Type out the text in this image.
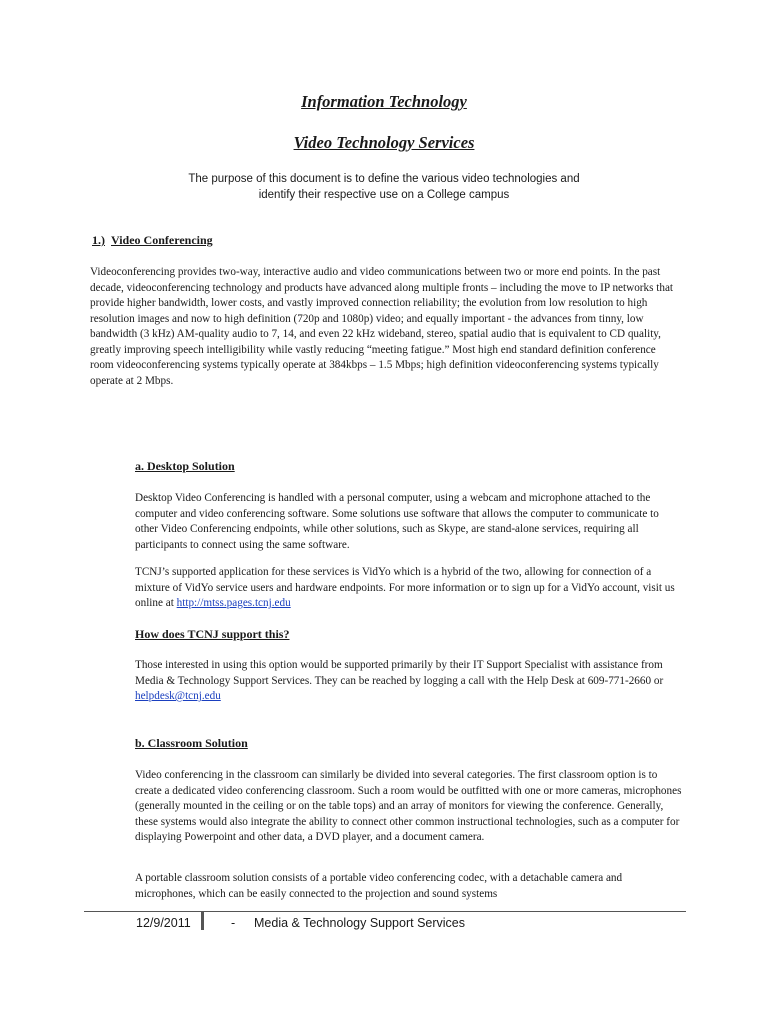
Information Technology
Video Technology Services
The purpose of this document is to define the various video technologies and
identify their respective use on a College campus
1.) Video Conferencing

Videoconferencing provides two-way, interactive audio and video communications between two or more end points. In the past decade, videoconferencing technology and products have advanced along multiple fronts – including the move to IP networks that provide higher bandwidth, lower costs, and vastly improved connection reliability; the evolution from low resolution to high resolution images and now to high definition (720p and 1080p) video; and equally important - the advances from tinny, low bandwidth (3 kHz) AM-quality audio to 7, 14, and even 22 kHz wideband, stereo, spatial audio that is equivalent to CD quality, greatly improving speech intelligibility while vastly reducing “meeting fatigue.” Most high end standard definition conference room videoconferencing systems typically operate at 384kbps – 1.5 Mbps; high definition videoconferencing systems typically operate at 2 Mbps.

a. Desktop Solution

Desktop Video Conferencing is handled with a personal computer, using a webcam and microphone attached to the computer and video conferencing software. Some solutions use software that allows the computer to communicate to other Video Conferencing endpoints, while other solutions, such as Skype, are stand-alone services, requiring all participants to connect using the same software.

TCNJ’s supported application for these services is VidYo which is a hybrid of the two, allowing for connection of a mixture of VidYo service users and hardware endpoints. For more information or to sign up for a VidYo account, visit us online at http://mtss.pages.tcnj.edu

How does TCNJ support this?

Those interested in using this option would be supported primarily by their IT Support Specialist with assistance from Media & Technology Support Services. They can be reached by logging a call with the Help Desk at 609-771-2660 or helpdesk@tcnj.edu

b. Classroom Solution

Video conferencing in the classroom can similarly be divided into several categories. The first classroom option is to create a dedicated video conferencing classroom. Such a room would be outfitted with one or more cameras, microphones (generally mounted in the ceiling or on the table tops) and an array of monitors for viewing the conference. Generally, these systems would also integrate the ability to connect other common instructional technologies, such as a computer for displaying Powerpoint and other data, a DVD player, and a document camera.

A portable classroom solution consists of a portable video conferencing codec, with a detachable camera and microphones, which can be easily connected to the projection and sound systems

12/9/2011	- Media & Technology Support Services
